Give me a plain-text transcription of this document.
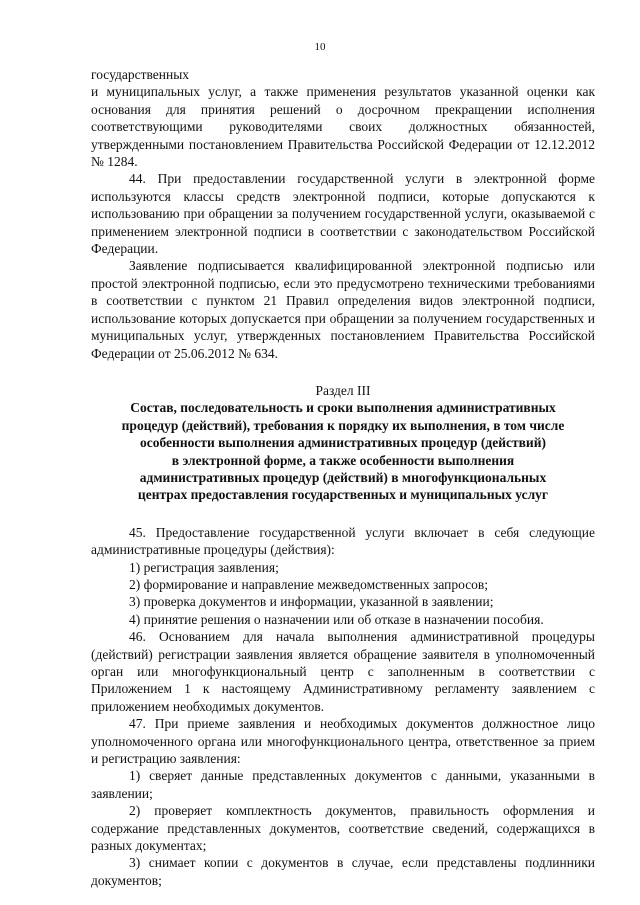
10

государственных

и муниципальных услуг, а также применения результатов указанной оценки как основания для принятия решений о досрочном прекращении исполнения соответствующими руководителями своих должностных обязанностей, утвержденными постановлением Правительства Российской Федерации от 12.12.2012 № 1284.

44. При предоставлении государственной услуги в электронной форме используются классы средств электронной подписи, которые допускаются к использованию при обращении за получением государственной услуги, оказываемой с применением электронной подписи в соответствии с законодательством Российской Федерации.

Заявление подписывается квалифицированной электронной подписью или простой электронной подписью, если это предусмотрено техническими требованиями в соответствии с пунктом 21 Правил определения видов электронной подписи, использование которых допускается при обращении за получением государственных и муниципальных услуг, утвержденных постановлением Правительства Российской Федерации от 25.06.2012 № 634.

Раздел III

Состав, последовательность и сроки выполнения административных
процедур (действий), требования к порядку их выполнения, в том числе
особенности выполнения административных процедур (действий)
в электронной форме, а также особенности выполнения
административных процедур (действий) в многофункциональных
центрах предоставления государственных и муниципальных услуг

45. Предоставление государственной услуги включает в себя следующие административные процедуры (действия):

1) регистрация заявления;

2) формирование и направление межведомственных запросов;

3) проверка документов и информации, указанной в заявлении;

4) принятие решения о назначении или об отказе в назначении пособия.

46. Основанием для начала выполнения административной процедуры (действий) регистрации заявления является обращение заявителя в уполномоченный орган или многофункциональный центр с заполненным в соответствии с Приложением 1 к настоящему Административному регламенту заявлением с приложением необходимых документов.

47. При приеме заявления и необходимых документов должностное лицо уполномоченного органа или многофункционального центра, ответственное за прием и регистрацию заявления:

1) сверяет данные представленных документов с данными, указанными в заявлении;

2) проверяет комплектность документов, правильность оформления и содержание представленных документов, соответствие сведений, содержащихся в разных документах;

3) снимает копии с документов в случае, если представлены подлинники документов;
